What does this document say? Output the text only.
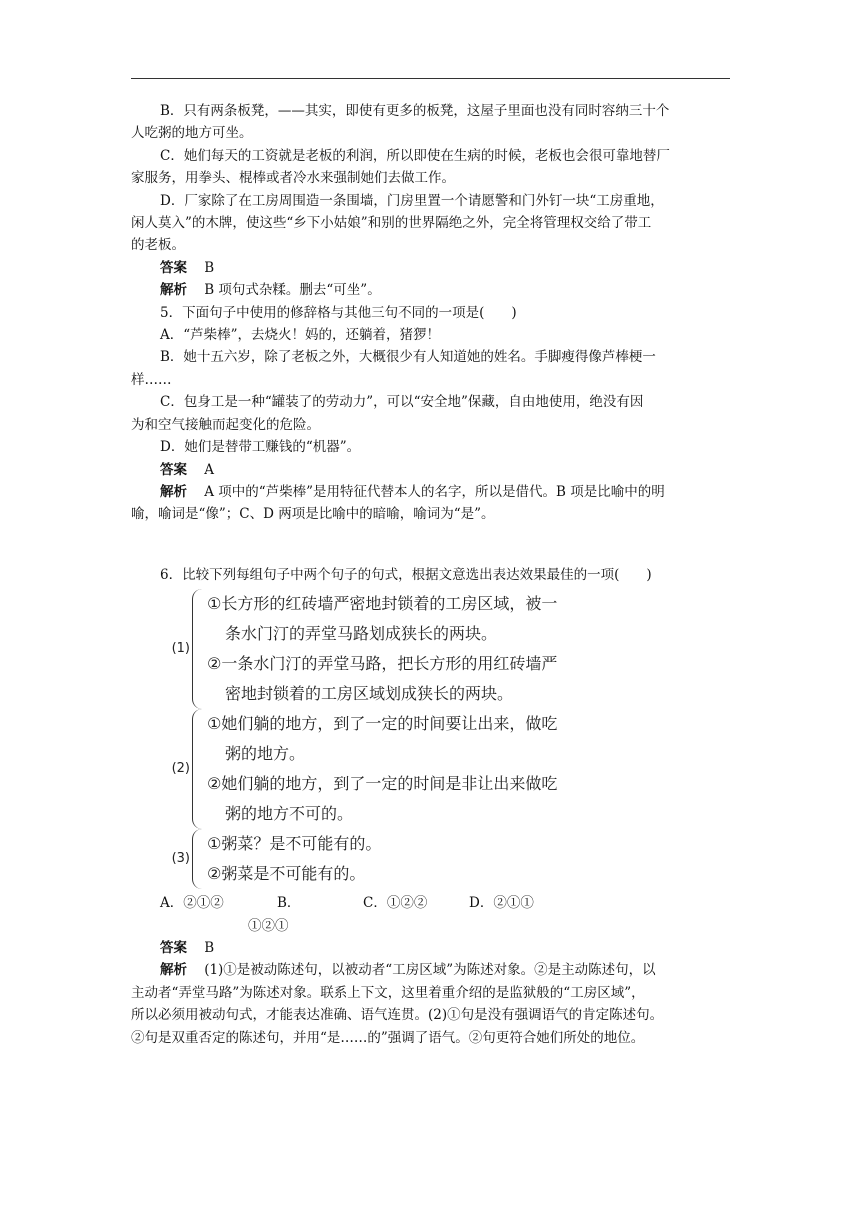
B．只有两条板凳，——其实，即使有更多的板凳，这屋子里面也没有同时容纳三十个

人吃粥的地方可坐。

C．她们每天的工资就是老板的利润，所以即使在生病的时候，老板也会很可靠地替厂

家服务，用拳头、棍棒或者冷水来强制她们去做工作。

D．厂家除了在工房周围造一条围墙，门房里置一个请愿警和门外钉一块“工房重地，

闲人莫入”的木牌，使这些“乡下小姑娘”和别的世界隔绝之外，完全将管理权交给了带工

的老板。

答案 B

解析 B 项句式杂糅。删去“可坐”。

5．下面句子中使用的修辞格与其他三句不同的一项是(　　)

A．“芦柴棒”，去烧火！妈的，还躺着，猪猡！

B．她十五六岁，除了老板之外，大概很少有人知道她的姓名。手脚瘦得像芦棒梗一

样……

C．包身工是一种“罐装了的劳动力”，可以“安全地”保藏，自由地使用，绝没有因

为和空气接触而起变化的危险。

D．她们是替带工赚钱的“机器”。

答案 A

解析 A 项中的“芦柴棒”是用特征代替本人的名字，所以是借代。B 项是比喻中的明

喻，喻词是“像”；C、D 两项是比喻中的暗喻，喻词为“是”。

6．比较下列每组句子中两个句子的句式，根据文意选出表达效果最佳的一项(　　)

(1)
①长方形的红砖墙严密地封锁着的工房区域，被一
条水门汀的弄堂马路划成狭长的两块。
②一条水门汀的弄堂马路，把长方形的用红砖墙严
密地封锁着的工房区域划成狭长的两块。
(2)
①她们躺的地方，到了一定的时间要让出来，做吃
粥的地方。
②她们躺的地方，到了一定的时间是非让出来做吃
粥的地方不可的。
(3)
①粥菜？是不可能有的。
②粥菜是不可能有的。

A．②①②	B．①②①
C．①②②	D．②①①

答案 B

解析 (1)①是被动陈述句，以被动者“工房区域”为陈述对象。②是主动陈述句，以

主动者“弄堂马路”为陈述对象。联系上下文，这里着重介绍的是监狱般的“工房区域”，

所以必须用被动句式，才能表达准确、语气连贯。(2)①句是没有强调语气的肯定陈述句。

②句是双重否定的陈述句，并用“是……的”强调了语气。②句更符合她们所处的地位。
